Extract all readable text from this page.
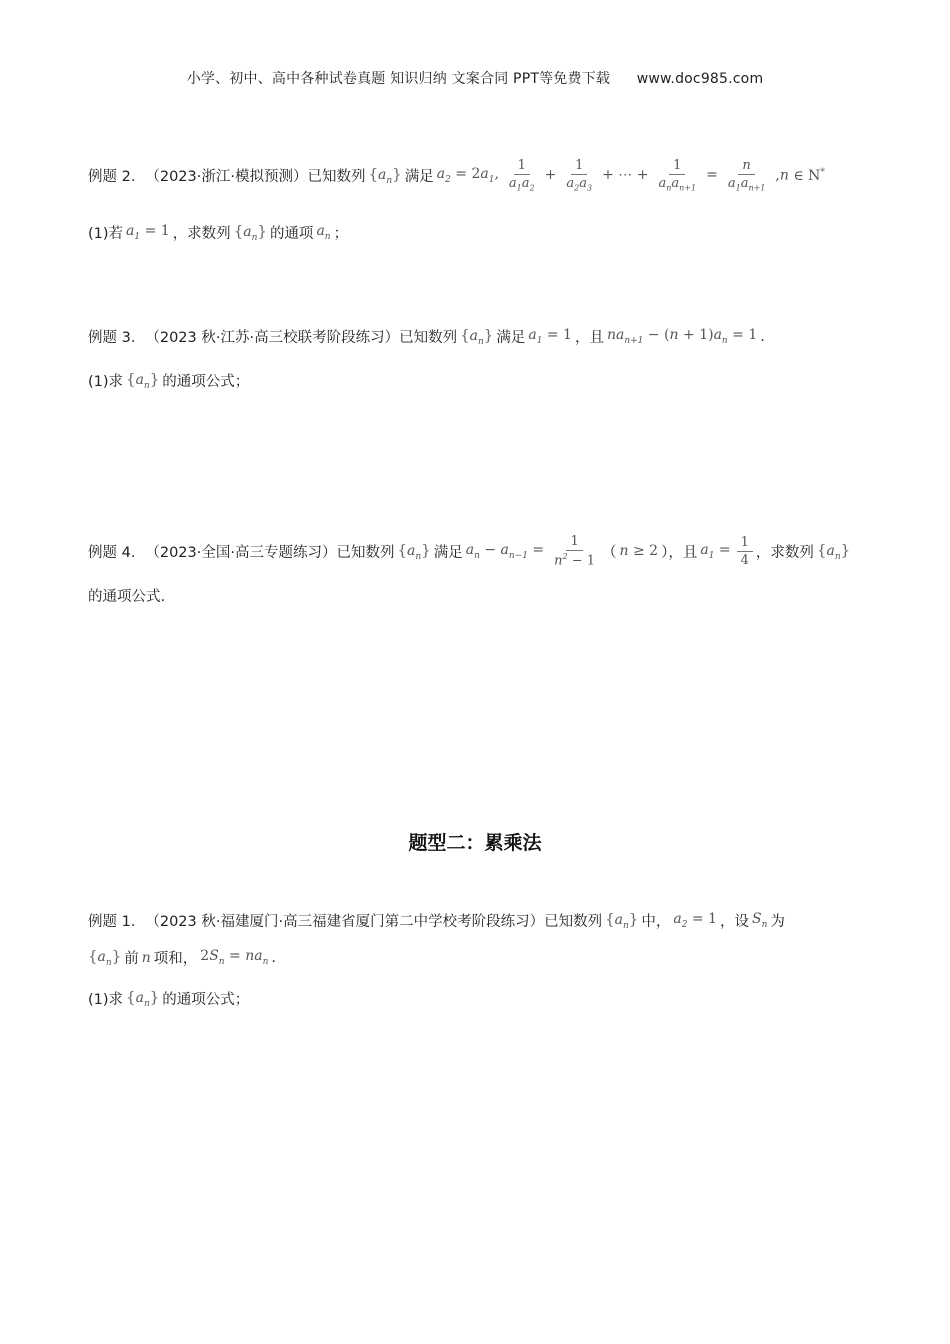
小学、初中、高中各种试卷真题 知识归纳 文案合同 PPT等免费下载 www.doc985.com
例题 2． （2023·浙江·模拟预测）已知数列 $\{a_n\}$ 满足 $a_2 = 2a_1$, $\frac{1}{a_1a_2} + \frac{1}{a_2a_3}$ + ⋯ + $\frac{1}{a_na_{n+1}} = \frac{n}{a_1a_{n+1}} ,n$ ∈ N*
(1)若 $a_1 = 1$ ，求数列 $\{a_n\}$ 的通项 $a_n$ ；
例题 3． （2023 秋·江苏·高三校联考阶段练习）已知数列 $\{a_n\}$ 满足 $a_1 = 1$ ，且 $na_{n+1} - (n + 1)a_n = 1$ .
(1)求 $\{a_n\}$ 的通项公式；
例题 4． （2023·全国·高三专题练习）已知数列 $\{a_n\}$ 满足 $a_n - a_{n-1} = \frac{1}{n^2 - 1}$ （ n ≥ 2 ），且 $a_1 = \frac{1}{4}$ ，求数列 $\{a_n\}$
的通项公式.
题型二：累乘法
例题 1． （2023 秋·福建厦门·高三福建省厦门第二中学校考阶段练习）已知数列 $\{a_n\}$ 中， $a_2 = 1$ ，设 $S_n$ 为
$\{a_n\}$ 前 n 项和， $2S_n = na_n$ .
(1)求 $\{a_n\}$ 的通项公式；
